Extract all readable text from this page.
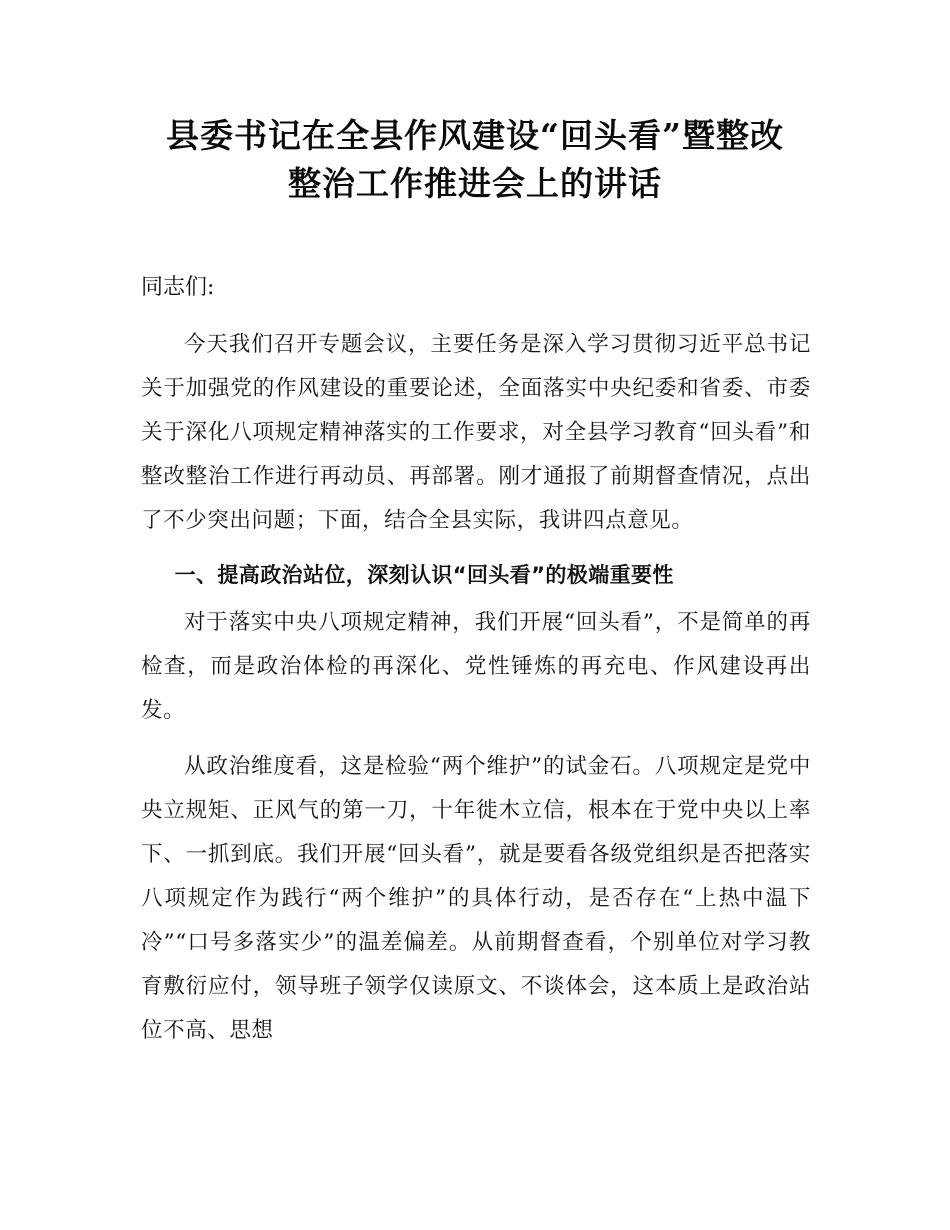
县委书记在全县作风建设“回头看”暨整改
整治工作推进会上的讲话

同志们:

今天我们召开专题会议，主要任务是深入学习贯彻习近平总书记关于加强党的作风建设的重要论述，全面落实中央纪委和省委、市委关于深化八项规定精神落实的工作要求，对全县学习教育“回头看”和整改整治工作进行再动员、再部署。刚才通报了前期督查情况，点出了不少突出问题；下面，结合全县实际，我讲四点意见。

一、提高政治站位，深刻认识“回头看”的极端重要性

对于落实中央八项规定精神，我们开展“回头看”，不是简单的再检查，而是政治体检的再深化、党性锤炼的再充电、作风建设再出发。

从政治维度看，这是检验“两个维护”的试金石。八项规定是党中央立规矩、正风气的第一刀，十年徙木立信，根本在于党中央以上率下、一抓到底。我们开展“回头看”，就是要看各级党组织是否把落实八项规定作为践行“两个维护”的具体行动，是否存在“上热中温下冷”“口号多落实少”的温差偏差。从前期督查看，个别单位对学习教育敷衍应付，领导班子领学仅读原文、不谈体会，这本质上是政治站位不高、思想
